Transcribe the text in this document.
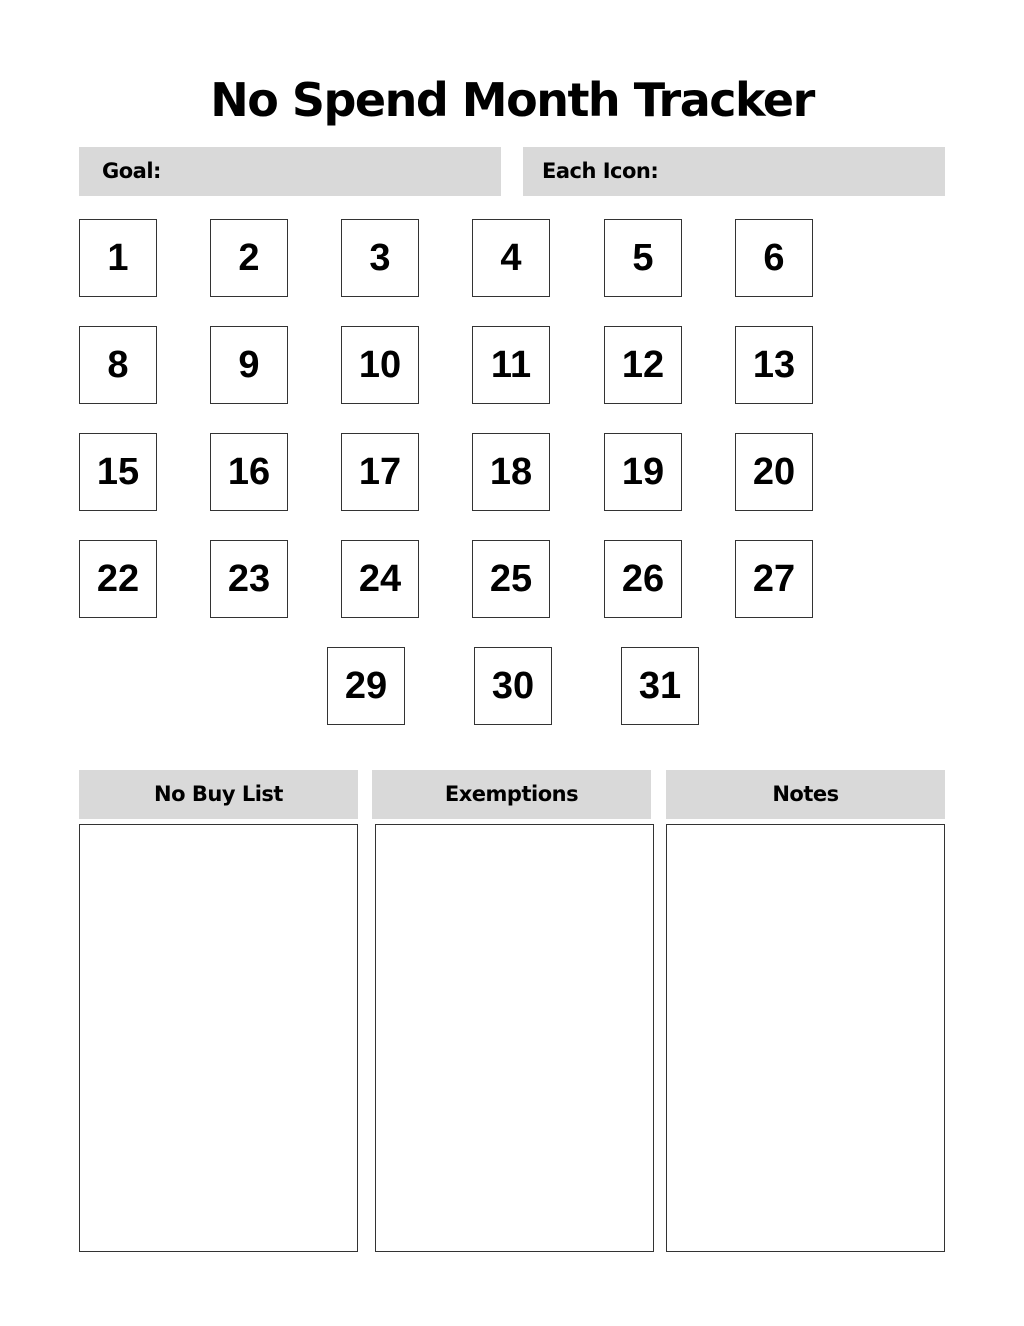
No Spend Month Tracker
Goal:	Each Icon:
1	2	3	4	5	6
8	9	10	11	12	13
15	16	17	18	19	20
22	23	24	25	26	27
29	30	31
No Buy List	Exemptions	Notes
